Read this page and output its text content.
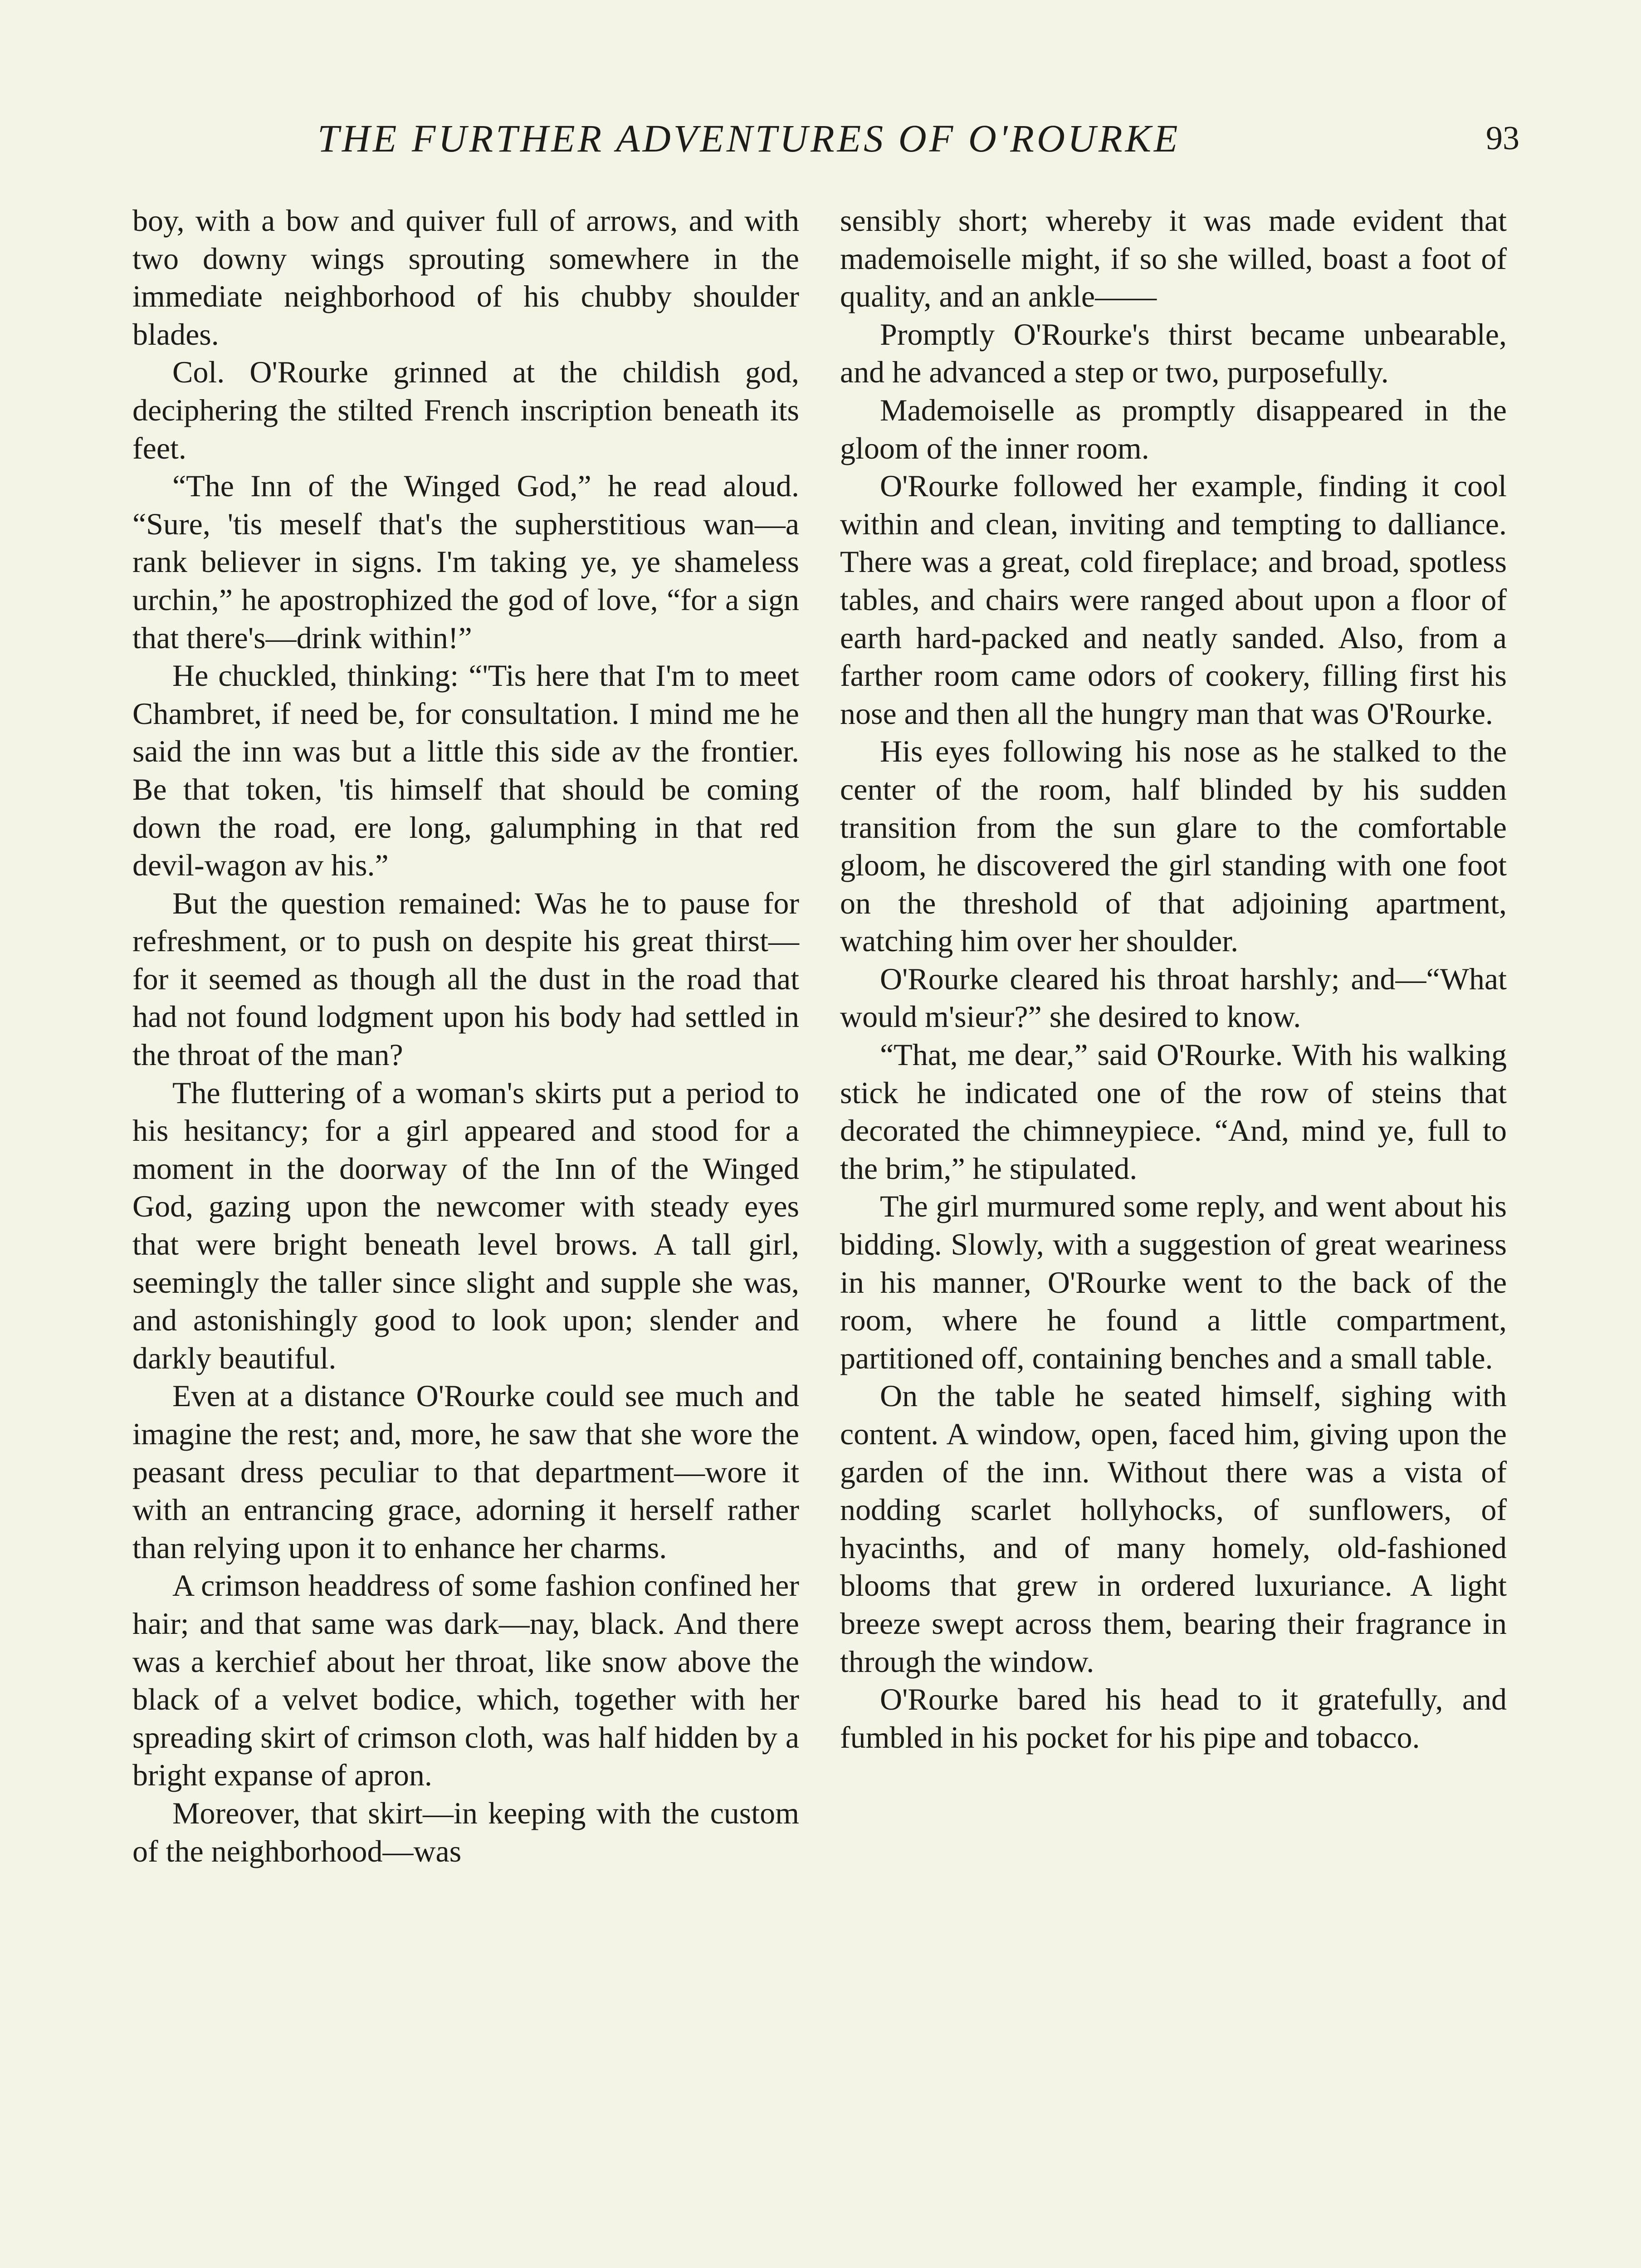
THE FURTHER ADVENTURES OF O'ROURKE	93

boy, with a bow and quiver full of arrows, and with two downy wings sprouting somewhere in the immediate neighborhood of his chubby shoulder blades.

Col. O'Rourke grinned at the childish god, deciphering the stilted French inscription beneath its feet.

“The Inn of the Winged God,” he read aloud. “Sure, 'tis meself that's the supherstitious wan—a rank believer in signs. I'm taking ye, ye shameless urchin,” he apostrophized the god of love, “for a sign that there's—drink within!”

He chuckled, thinking: “'Tis here that I'm to meet Chambret, if need be, for consultation. I mind me he said the inn was but a little this side av the frontier. Be that token, 'tis himself that should be coming down the road, ere long, galumphing in that red devil-wagon av his.”

But the question remained: Was he to pause for refreshment, or to push on despite his great thirst—for it seemed as though all the dust in the road that had not found lodgment upon his body had settled in the throat of the man?

The fluttering of a woman's skirts put a period to his hesitancy; for a girl appeared and stood for a moment in the doorway of the Inn of the Winged God, gazing upon the newcomer with steady eyes that were bright beneath level brows. A tall girl, seemingly the taller since slight and supple she was, and astonishingly good to look upon; slender and darkly beautiful.

Even at a distance O'Rourke could see much and imagine the rest; and, more, he saw that she wore the peasant dress peculiar to that department—wore it with an entrancing grace, adorning it herself rather than relying upon it to enhance her charms.

A crimson headdress of some fashion confined her hair; and that same was dark—nay, black. And there was a kerchief about her throat, like snow above the black of a velvet bodice, which, together with her spreading skirt of crimson cloth, was half hidden by a bright expanse of apron.

Moreover, that skirt—in keeping with the custom of the neighborhood—was

sensibly short; whereby it was made evident that mademoiselle might, if so she willed, boast a foot of quality, and an ankle——

Promptly O'Rourke's thirst became unbearable, and he advanced a step or two, purposefully.

Mademoiselle as promptly disappeared in the gloom of the inner room.

O'Rourke followed her example, finding it cool within and clean, inviting and tempting to dalliance. There was a great, cold fireplace; and broad, spotless tables, and chairs were ranged about upon a floor of earth hard-packed and neatly sanded. Also, from a farther room came odors of cookery, filling first his nose and then all the hungry man that was O'Rourke.

His eyes following his nose as he stalked to the center of the room, half blinded by his sudden transition from the sun glare to the comfortable gloom, he discovered the girl standing with one foot on the threshold of that adjoining apartment, watching him over her shoulder.

O'Rourke cleared his throat harshly; and—“What would m'sieur?” she desired to know.

“That, me dear,” said O'Rourke. With his walking stick he indicated one of the row of steins that decorated the chimneypiece. “And, mind ye, full to the brim,” he stipulated.

The girl murmured some reply, and went about his bidding. Slowly, with a suggestion of great weariness in his manner, O'Rourke went to the back of the room, where he found a little compartment, partitioned off, containing benches and a small table.

On the table he seated himself, sighing with content. A window, open, faced him, giving upon the garden of the inn. Without there was a vista of nodding scarlet hollyhocks, of sunflowers, of hyacinths, and of many homely, old-fashioned blooms that grew in ordered luxuriance. A light breeze swept across them, bearing their fragrance in through the window.

O'Rourke bared his head to it gratefully, and fumbled in his pocket for his pipe and tobacco.
